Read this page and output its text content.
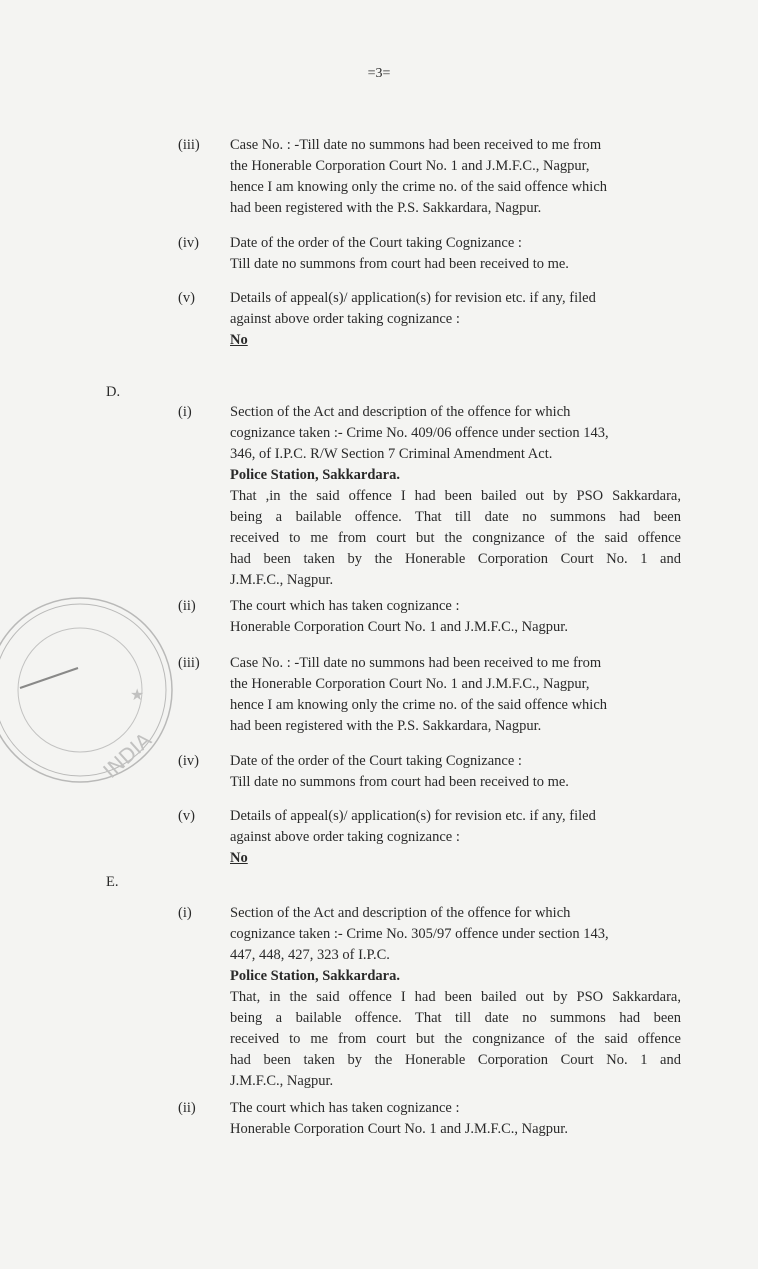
=3=
★
INDIA
(iii) Case No. : -Till date no summons had been received to me from
the Honerable Corporation Court No. 1 and J.M.F.C., Nagpur,
hence I am knowing only the crime no. of the said offence which
had been registered with the P.S. Sakkardara, Nagpur.
(iv) Date of the order of the Court taking Cognizance :
Till date no summons from court had been received to me.
(v) Details of appeal(s)/ application(s) for revision etc. if any, filed
against above order taking cognizance :
No
D.
(i)	Section of the Act and description of the offence for which
cognizance taken :- Crime No. 409/06 offence under section 143,
346, of I.P.C. R/W Section 7 Criminal Amendment Act.
Police Station, Sakkardara.
That ,in the said offence I had been bailed out by PSO Sakkardara,
being a bailable offence. That till date no summons had been
received to me from court but the congnizance of the said offence
had been taken by the Honerable Corporation Court No. 1 and
J.M.F.C., Nagpur.
(ii) The court which has taken cognizance :
Honerable Corporation Court No. 1 and J.M.F.C., Nagpur.
(iii) Case No. : -Till date no summons had been received to me from
the Honerable Corporation Court No. 1 and J.M.F.C., Nagpur,
hence I am knowing only the crime no. of the said offence which
had been registered with the P.S. Sakkardara, Nagpur.
(iv) Date of the order of the Court taking Cognizance :
Till date no summons from court had been received to me.
(v) Details of appeal(s)/ application(s) for revision etc. if any, filed
against above order taking cognizance :
No
E.
(i)	Section of the Act and description of the offence for which
cognizance taken :- Crime No. 305/97 offence under section 143,
447, 448, 427, 323 of I.P.C.
Police Station, Sakkardara.
That, in the said offence I had been bailed out by PSO Sakkardara,
being a bailable offence. That till date no summons had been
received to me from court but the congnizance of the said offence
had been taken by the Honerable Corporation Court No. 1 and
J.M.F.C., Nagpur.
(ii) The court which has taken cognizance :
Honerable Corporation Court No. 1 and J.M.F.C., Nagpur.
